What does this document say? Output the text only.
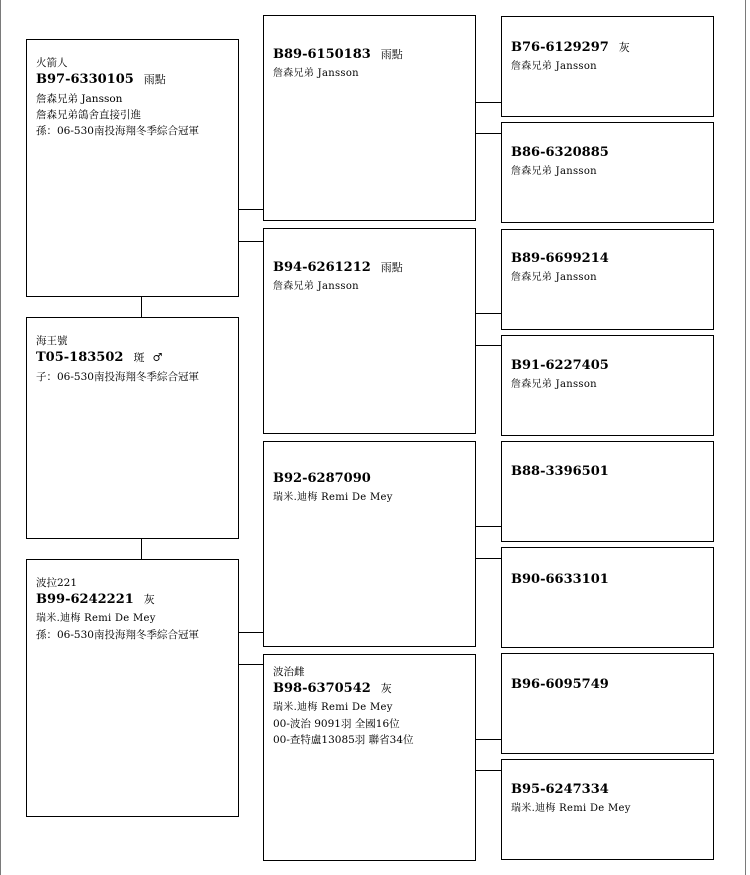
火箭人
B97-6330105 雨點
詹森兄弟 Jansson
詹森兄弟鴿舍直接引進
孫：06-530南投海翔冬季綜合冠軍
海王號
T05-183502 斑 ♂
子：06-530南投海翔冬季綜合冠軍
波拉221
B99-6242221 灰
瑞米.迪梅 Remi De Mey
孫：06-530南投海翔冬季綜合冠軍
B89-6150183 雨點
詹森兄弟 Jansson
B94-6261212 雨點
詹森兄弟 Jansson
B92-6287090
瑞米.迪梅 Remi De Mey
波治雌
B98-6370542 灰
瑞米.迪梅 Remi De Mey
00-波治 9091羽 全國16位
00-查特盧13085羽 聯省34位
B76-6129297 灰
詹森兄弟 Jansson
B86-6320885
詹森兄弟 Jansson
B89-6699214
詹森兄弟 Jansson
B91-6227405
詹森兄弟 Jansson
B88-3396501
B90-6633101
B96-6095749
B95-6247334
瑞米.迪梅 Remi De Mey
